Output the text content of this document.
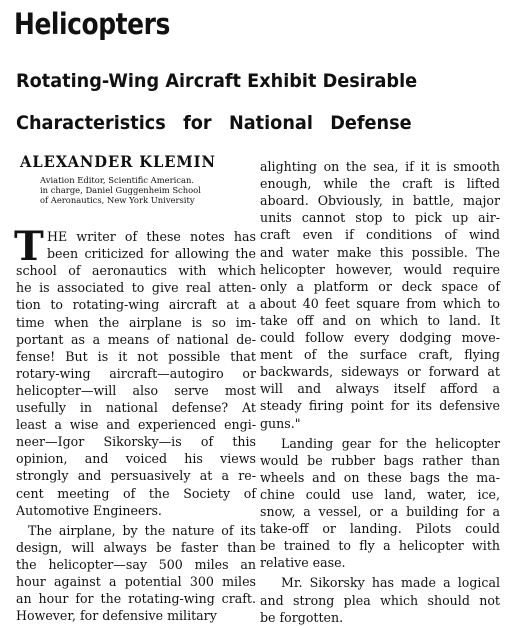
Helicopters
Rotating-Wing Aircraft Exhibit Desirable
Characteristics for National Defense
ALEXANDER KLEMIN
Aviation Editor, Scientific American.
in charge, Daniel Guggenheim School
of Aeronautics, New York University
T HE writer of these notes has
been criticized for allowing the
school of aeronautics with which
he is associated to give real atten-
tion to rotating-wing aircraft at a
time when the airplane is so im-
portant as a means of national de-
fense! But is it not possible that
rotary-wing aircraft—autogiro or
helicopter—will also serve most
usefully in national defense? At
least a wise and experienced engi-
neer—Igor Sikorsky—is of this
opinion, and voiced his views
strongly and persuasively at a re-
cent meeting of the Society of
Automotive Engineers.
The airplane, by the nature of its
design, will always be faster than
the helicopter—say 500 miles an
hour against a potential 300 miles
an hour for the rotating-wing craft.
However, for defensive military
alighting on the sea, if it is smooth
enough, while the craft is lifted
aboard. Obviously, in battle, major
units cannot stop to pick up air-
craft even if conditions of wind
and water make this possible. The
helicopter however, would require
only a platform or deck space of
about 40 feet square from which to
take off and on which to land. It
could follow every dodging move-
ment of the surface craft, flying
backwards, sideways or forward at
will and always itself afford a
steady firing point for its defensive
guns."
Landing gear for the helicopter
would be rubber bags rather than
wheels and on these bags the ma-
chine could use land, water, ice,
snow, a vessel, or a building for a
take-off or landing. Pilots could
be trained to fly a helicopter with
relative ease.
Mr. Sikorsky has made a logical
and strong plea which should not
be forgotten.
